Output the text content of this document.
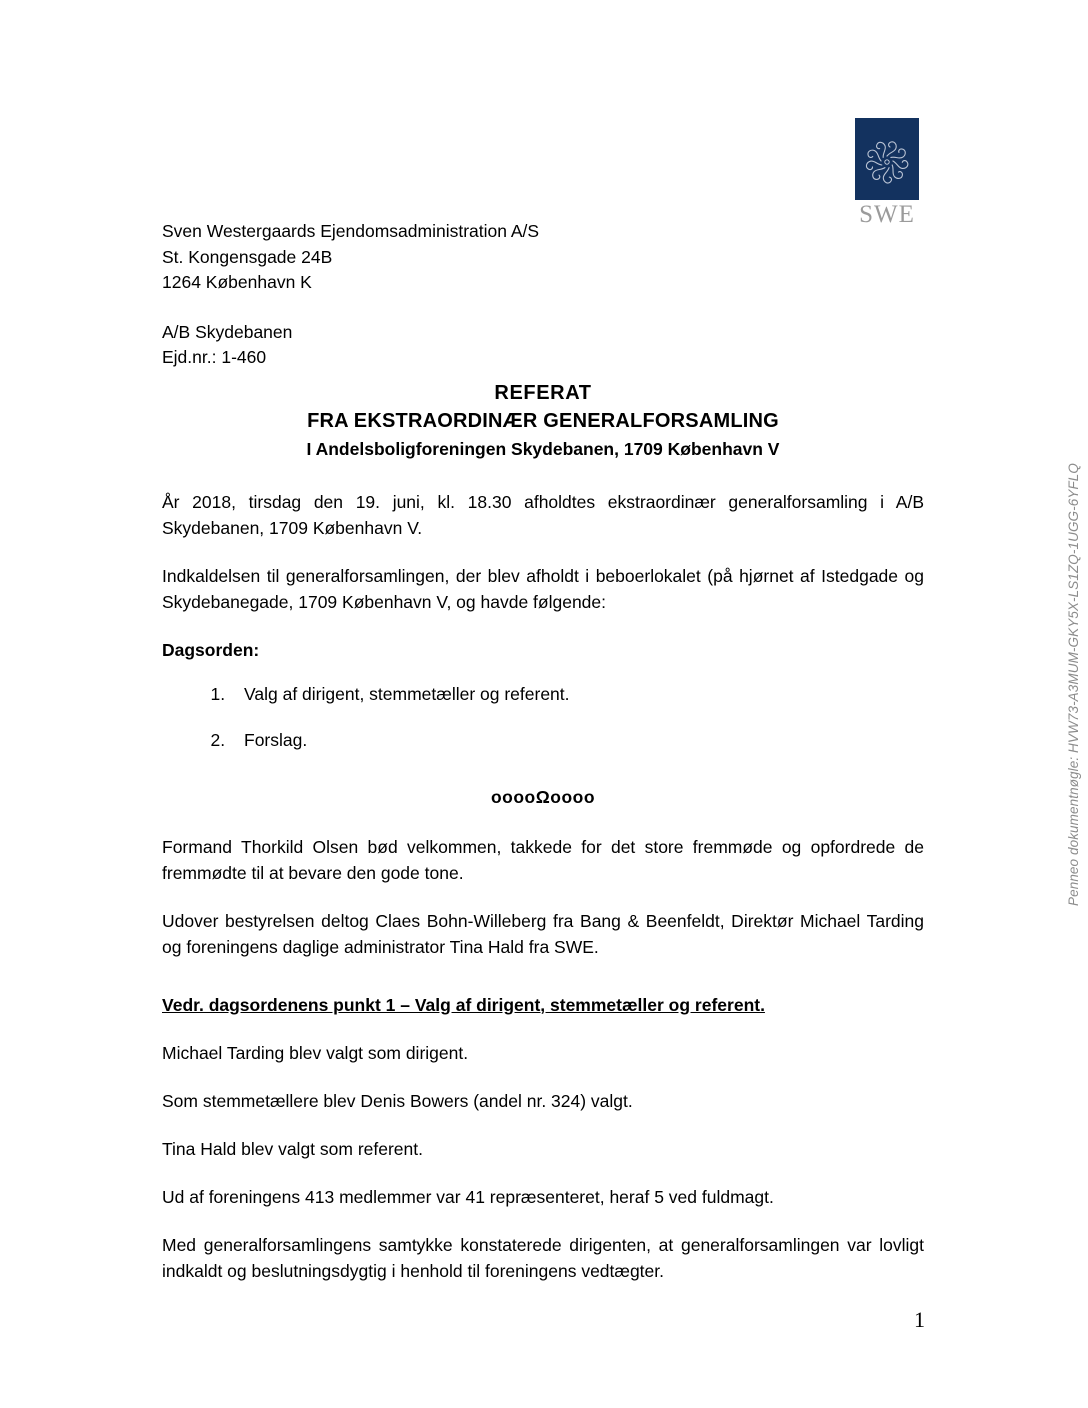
SWE
Penneo dokumentnøgle: HVW73-A3MUM-GKY5X-LS1ZQ-1UGG-6YFLQ

Sven Westergaards Ejendomsadministration A/S

St. Kongensgade 24B

1264 København K

A/B Skydebanen

Ejd.nr.: 1-460

REFERAT
FRA EKSTRAORDINÆR GENERALFORSAMLING
I Andelsboligforeningen Skydebanen, 1709 København V

År 2018, tirsdag den 19. juni, kl. 18.30 afholdtes ekstraordinær generalforsamling i A/B Skydebanen, 1709 København V.

Indkaldelsen til generalforsamlingen, der blev afholdt i beboerlokalet (på hjørnet af Istedgade og Skydebanegade, 1709 København V, og havde følgende:

Dagsorden:
1. Valg af dirigent, stemmetæller og referent.
2. Forslag.
ooooΩoooo

Formand Thorkild Olsen bød velkommen, takkede for det store fremmøde og opfordrede de fremmødte til at bevare den gode tone.

Udover bestyrelsen deltog Claes Bohn-Willeberg fra Bang & Beenfeldt, Direktør Michael Tarding og foreningens daglige administrator Tina Hald fra SWE.

Vedr. dagsordenens punkt 1 – Valg af dirigent, stemmetæller og referent.

Michael Tarding blev valgt som dirigent.

Som stemmetællere blev Denis Bowers (andel nr. 324) valgt.

Tina Hald blev valgt som referent.

Ud af foreningens 413 medlemmer var 41 repræsenteret, heraf 5 ved fuldmagt.

Med generalforsamlingens samtykke konstaterede dirigenten, at generalforsamlingen var lovligt indkaldt og beslutningsdygtig i henhold til foreningens vedtægter.

1
